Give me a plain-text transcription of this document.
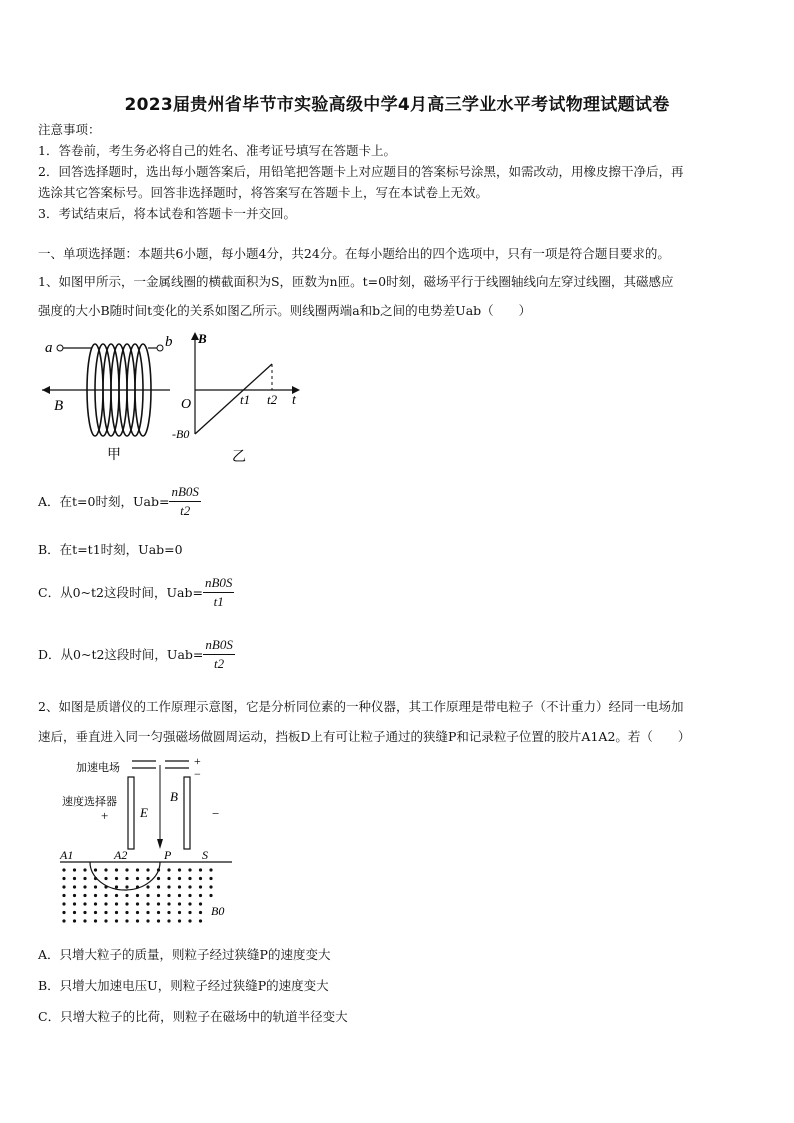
2023届贵州省毕节市实验高级中学4月高三学业水平考试物理试题试卷
注意事项：
1．答卷前，考生务必将自己的姓名、准考证号填写在答题卡上。
2．回答选择题时，选出每小题答案后，用铅笔把答题卡上对应题目的答案标号涂黑，如需改动，用橡皮擦干净后，再
选涂其它答案标号。回答非选择题时，将答案写在答题卡上，写在本试卷上无效。
3．考试结束后，将本试卷和答题卡一并交回。
一、单项选择题：本题共6小题，每小题4分，共24分。在每小题给出的四个选项中，只有一项是符合题目要求的。
1、如图甲所示，一金属线圈的横截面积为S，匝数为n匝。t=0时刻，磁场平行于线圈轴线向左穿过线圈，其磁感应
强度的大小B随时间t变化的关系如图乙所示。则线圈两端a和b之间的电势差Uab（　　）
a	b
B
甲
B
O	t1 t2 t
-B0
乙
A．在t=0时刻，$Uab= \frac{nB0S}{t2}$
B．在t=t1时刻，Uab=0
C．从0~t2这段时间，$Uab= \frac{nB0S}{t1}$
D．从0~t2这段时间，$Uab= \frac{nB0S}{t2}$
2、如图是质谱仪的工作原理示意图，它是分析同位素的一种仪器，其工作原理是带电粒子（不计重力）经同一电场加
速后，垂直进入同一匀强磁场做圆周运动，挡板D上有可让粒子通过的狭缝P和记录粒子位置的胶片A1A2。若（　　）
加速电场	+
−
速度选择器
+	−
E
B
A1	A2	P	S
B0
A．只增大粒子的质量，则粒子经过狭缝P的速度变大
B．只增大加速电压U，则粒子经过狭缝P的速度变大
C．只增大粒子的比荷，则粒子在磁场中的轨道半径变大
